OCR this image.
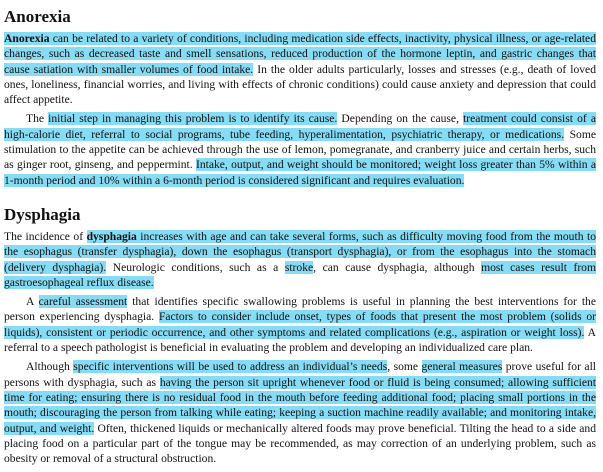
Anorexia

Anorexia can be related to a variety of conditions, including medication side effects, inactivity, physical illness, or age-related changes, such as decreased taste and smell sensations, reduced production of the hormone leptin, and gastric changes that cause satiation with smaller volumes of food intake. In the older adults particularly, losses and stresses (e.g., death of loved ones, loneliness, financial worries, and living with effects of chronic conditions) could cause anxiety and depression that could affect appetite.

The initial step in managing this problem is to identify its cause. Depending on the cause, treatment could consist of a high-calorie diet, referral to social programs, tube feeding, hyperalimentation, psychiatric therapy, or medications. Some stimulation to the appetite can be achieved through the use of lemon, pomegranate, and cranberry juice and certain herbs, such as ginger root, ginseng, and peppermint. Intake, output, and weight should be monitored; weight loss greater than 5% within a 1-month period and 10% within a 6-month period is considered significant and requires evaluation.

Dysphagia

The incidence of dysphagia increases with age and can take several forms, such as difficulty moving food from the mouth to the esophagus (transfer dysphagia), down the esophagus (transport dysphagia), or from the esophagus into the stomach (delivery dysphagia). Neurologic conditions, such as a stroke, can cause dysphagia, although most cases result from gastroesophageal reflux disease.

A careful assessment that identifies specific swallowing problems is useful in planning the best interventions for the person experiencing dysphagia. Factors to consider include onset, types of foods that present the most problem (solids or liquids), consistent or periodic occurrence, and other symptoms and related complications (e.g., aspiration or weight loss). A referral to a speech pathologist is beneficial in evaluating the problem and developing an individualized care plan.

Although specific interventions will be used to address an individual’s needs, some general measures prove useful for all persons with dysphagia, such as having the person sit upright whenever food or fluid is being consumed; allowing sufficient time for eating; ensuring there is no residual food in the mouth before feeding additional food; placing small portions in the mouth; discouraging the person from talking while eating; keeping a suction machine readily available; and monitoring intake, output, and weight. Often, thickened liquids or mechanically altered foods may prove beneficial. Tilting the head to a side and placing food on a particular part of the tongue may be recommended, as may correction of an underlying problem, such as obesity or removal of a structural obstruction.
